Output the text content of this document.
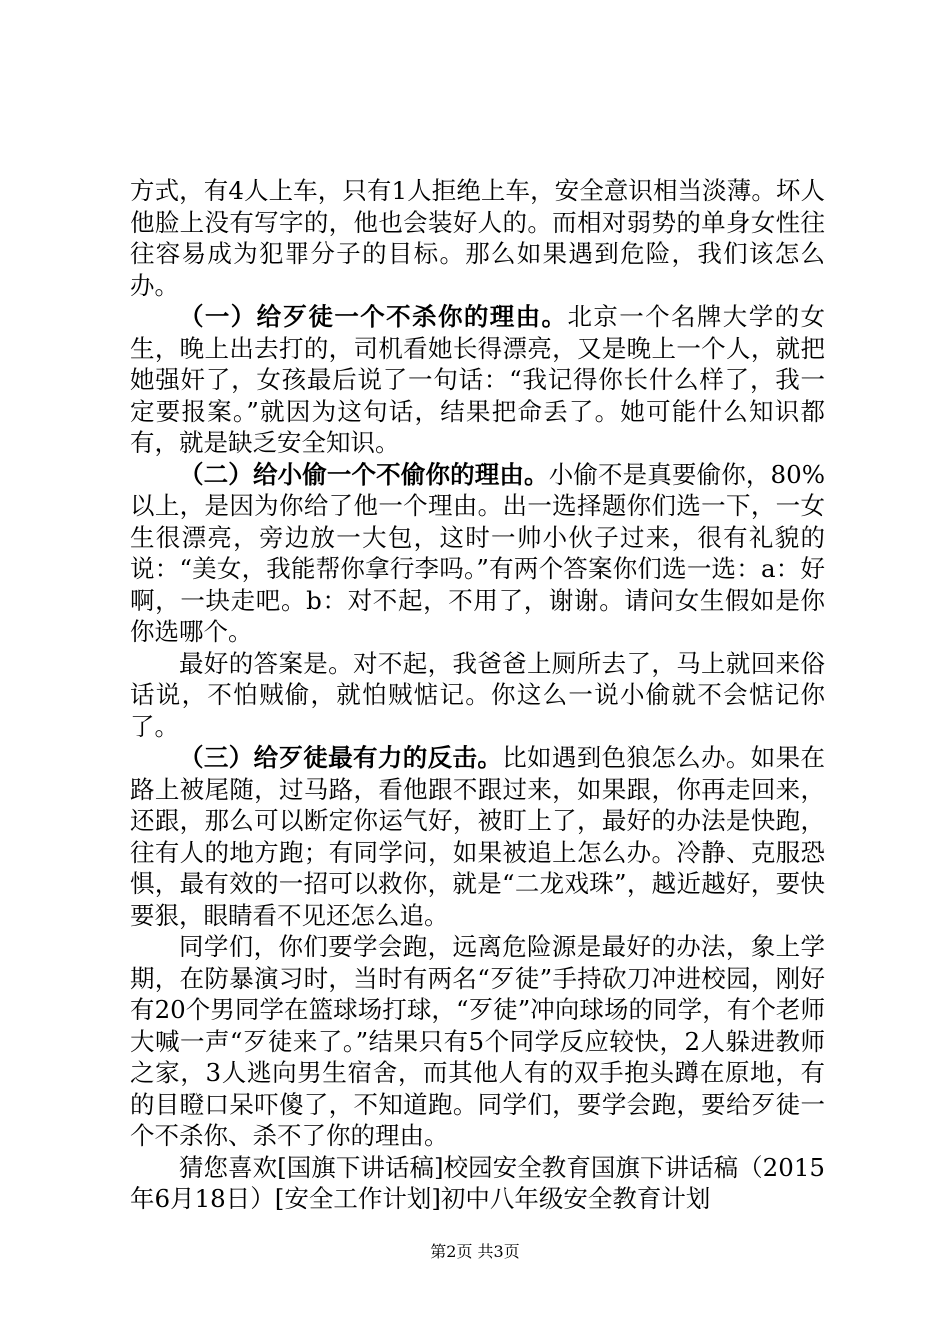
方式，有4人上车，只有1人拒绝上车，安全意识相当淡薄。坏人他脸上没有写字的，他也会装好人的。而相对弱势的单身女性往往容易成为犯罪分子的目标。那么如果遇到危险，我们该怎么办。

（一）给歹徒一个不杀你的理由。北京一个名牌大学的女生，晚上出去打的，司机看她长得漂亮，又是晚上一个人，就把她强奸了，女孩最后说了一句话：“我记得你长什么样了，我一定要报案。”就因为这句话，结果把命丢了。她可能什么知识都有，就是缺乏安全知识。

（二）给小偷一个不偷你的理由。小偷不是真要偷你，80%以上，是因为你给了他一个理由。出一选择题你们选一下，一女生很漂亮，旁边放一大包，这时一帅小伙子过来，很有礼貌的说：“美女，我能帮你拿行李吗。”有两个答案你们选一选：a：好啊，一块走吧。b：对不起，不用了，谢谢。请问女生假如是你你选哪个。

最好的答案是。对不起，我爸爸上厕所去了，马上就回来俗话说，不怕贼偷，就怕贼惦记。你这么一说小偷就不会惦记你了。

（三）给歹徒最有力的反击。比如遇到色狼怎么办。如果在路上被尾随，过马路，看他跟不跟过来，如果跟，你再走回来，还跟，那么可以断定你运气好，被盯上了，最好的办法是快跑，往有人的地方跑；有同学问，如果被追上怎么办。冷静、克服恐惧，最有效的一招可以救你，就是“二龙戏珠”，越近越好，要快要狠，眼睛看不见还怎么追。

同学们，你们要学会跑，远离危险源是最好的办法，象上学期，在防暴演习时，当时有两名“歹徒”手持砍刀冲进校园，刚好有20个男同学在篮球场打球，“歹徒”冲向球场的同学，有个老师大喊一声“歹徒来了。”结果只有5个同学反应较快，2人躲进教师之家，3人逃向男生宿舍，而其他人有的双手抱头蹲在原地，有的目瞪口呆吓傻了，不知道跑。同学们，要学会跑，要给歹徒一个不杀你、杀不了你的理由。

猜您喜欢[国旗下讲话稿]校园安全教育国旗下讲话稿（2015年6月18日）[安全工作计划]初中八年级安全教育计划

第2页 共3页
